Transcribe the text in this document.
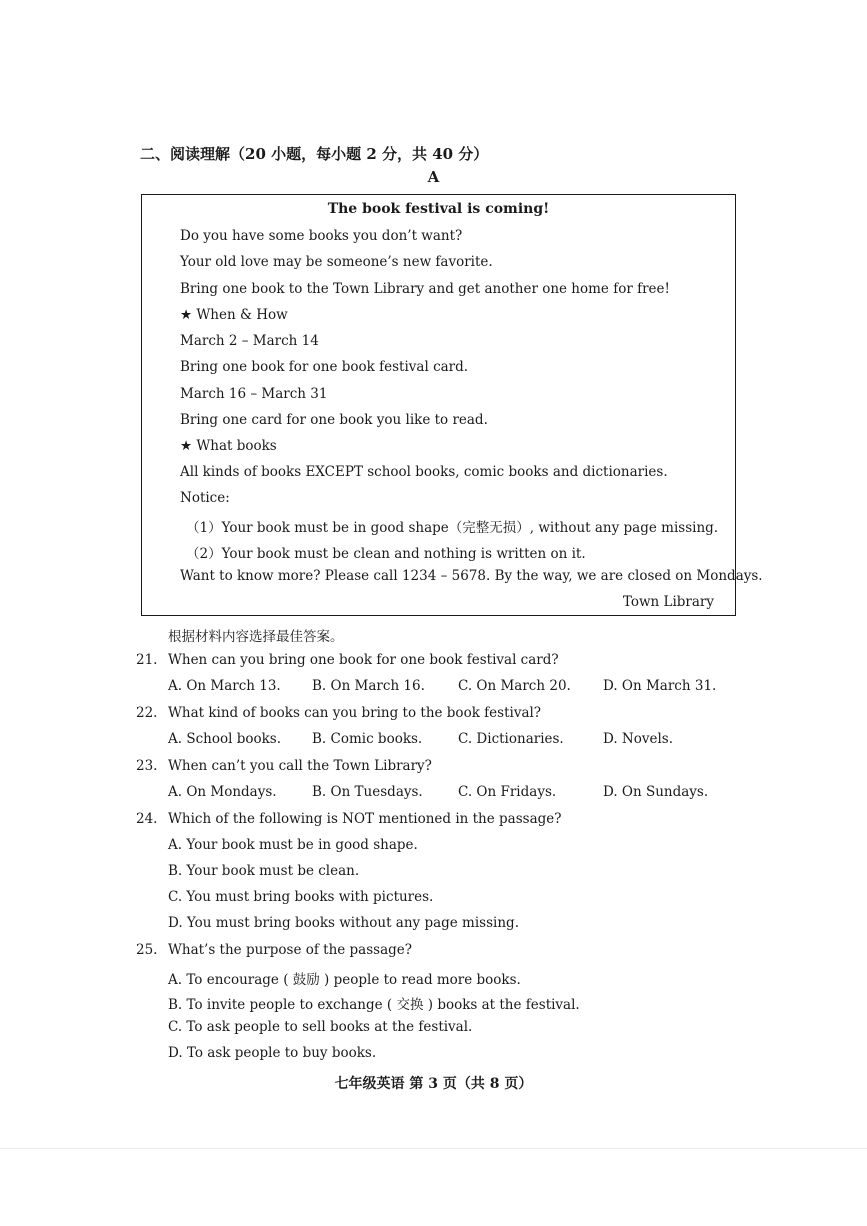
二、阅读理解（20 小题，每小题 2 分，共 40 分）
A
The book festival is coming!
Do you have some books you don’t want?
Your old love may be someone’s new favorite.
Bring one book to the Town Library and get another one home for free!
★ When & How
March 2 – March 14
Bring one book for one book festival card.
March 16 – March 31
Bring one card for one book you like to read.
★ What books
All kinds of books EXCEPT school books, comic books and dictionaries.
Notice:
（1）Your book must be in good shape（完整无损）, without any page missing.
（2）Your book must be clean and nothing is written on it.
Want to know more? Please call 1234 – 5678. By the way, we are closed on Mondays.
Town Library
根据材料内容选择最佳答案。
21. When can you bring one book for one book festival card?
A. On March 13. B. On March 16. C. On March 20. D. On March 31.
22. What kind of books can you bring to the book festival?
A. School books. B. Comic books.	C. Dictionaries.	D. Novels.
23. When can’t you call the Town Library?
A. On Mondays.	B. On Tuesdays.	C. On Fridays.	D. On Sundays.
24. Which of the following is NOT mentioned in the passage?
A. Your book must be in good shape.
B. Your book must be clean.
C. You must bring books with pictures.
D. You must bring books without any page missing.
25. What’s the purpose of the passage?
A. To encourage ( 鼓励 ) people to read more books.
B. To invite people to exchange ( 交换 ) books at the festival.
C. To ask people to sell books at the festival.
D. To ask people to buy books.
七年级英语 第 3 页（共 8 页）
